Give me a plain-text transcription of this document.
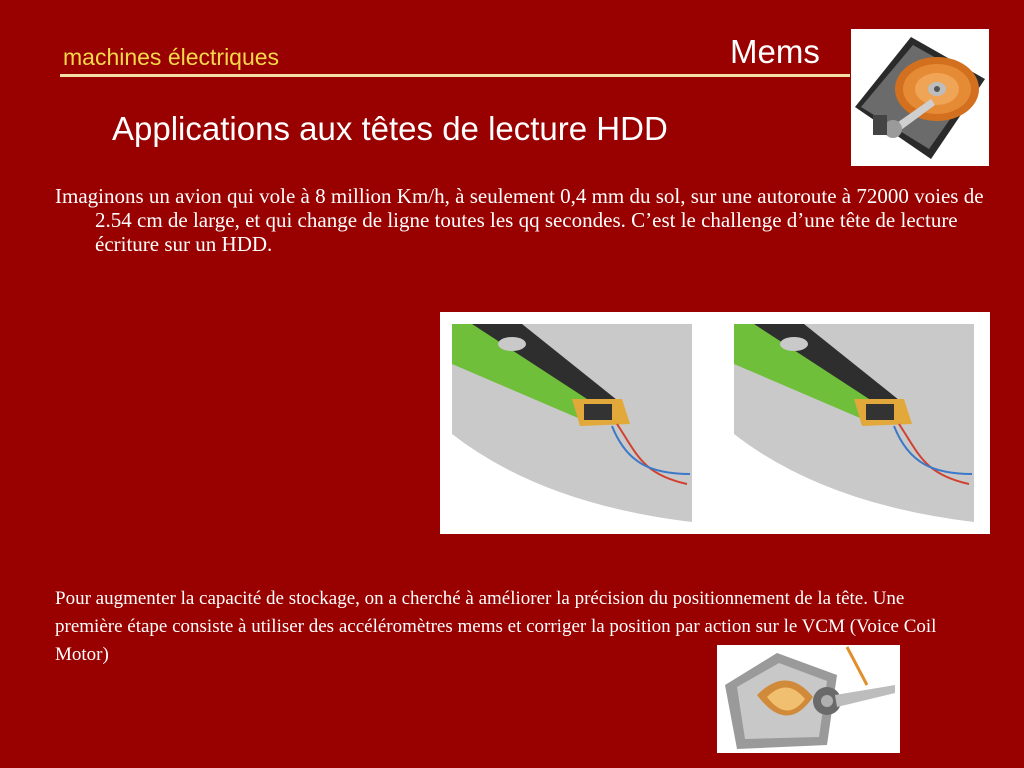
machines électriques	Mems
Applications aux têtes de lecture HDD
Imaginons un avion qui vole à 8 million Km/h, à seulement 0,4 mm du sol, sur une autoroute à 72000 voies de 2.54 cm de large, et qui change de ligne toutes les qq secondes. C’est le challenge d’une tête de lecture écriture sur un HDD.
Pour augmenter la capacité de stockage, on a cherché à améliorer la précision du positionnement de la tête. Une première étape consiste à utiliser des accéléromètres mems et corriger la position par action sur le VCM (Voice Coil Motor)
